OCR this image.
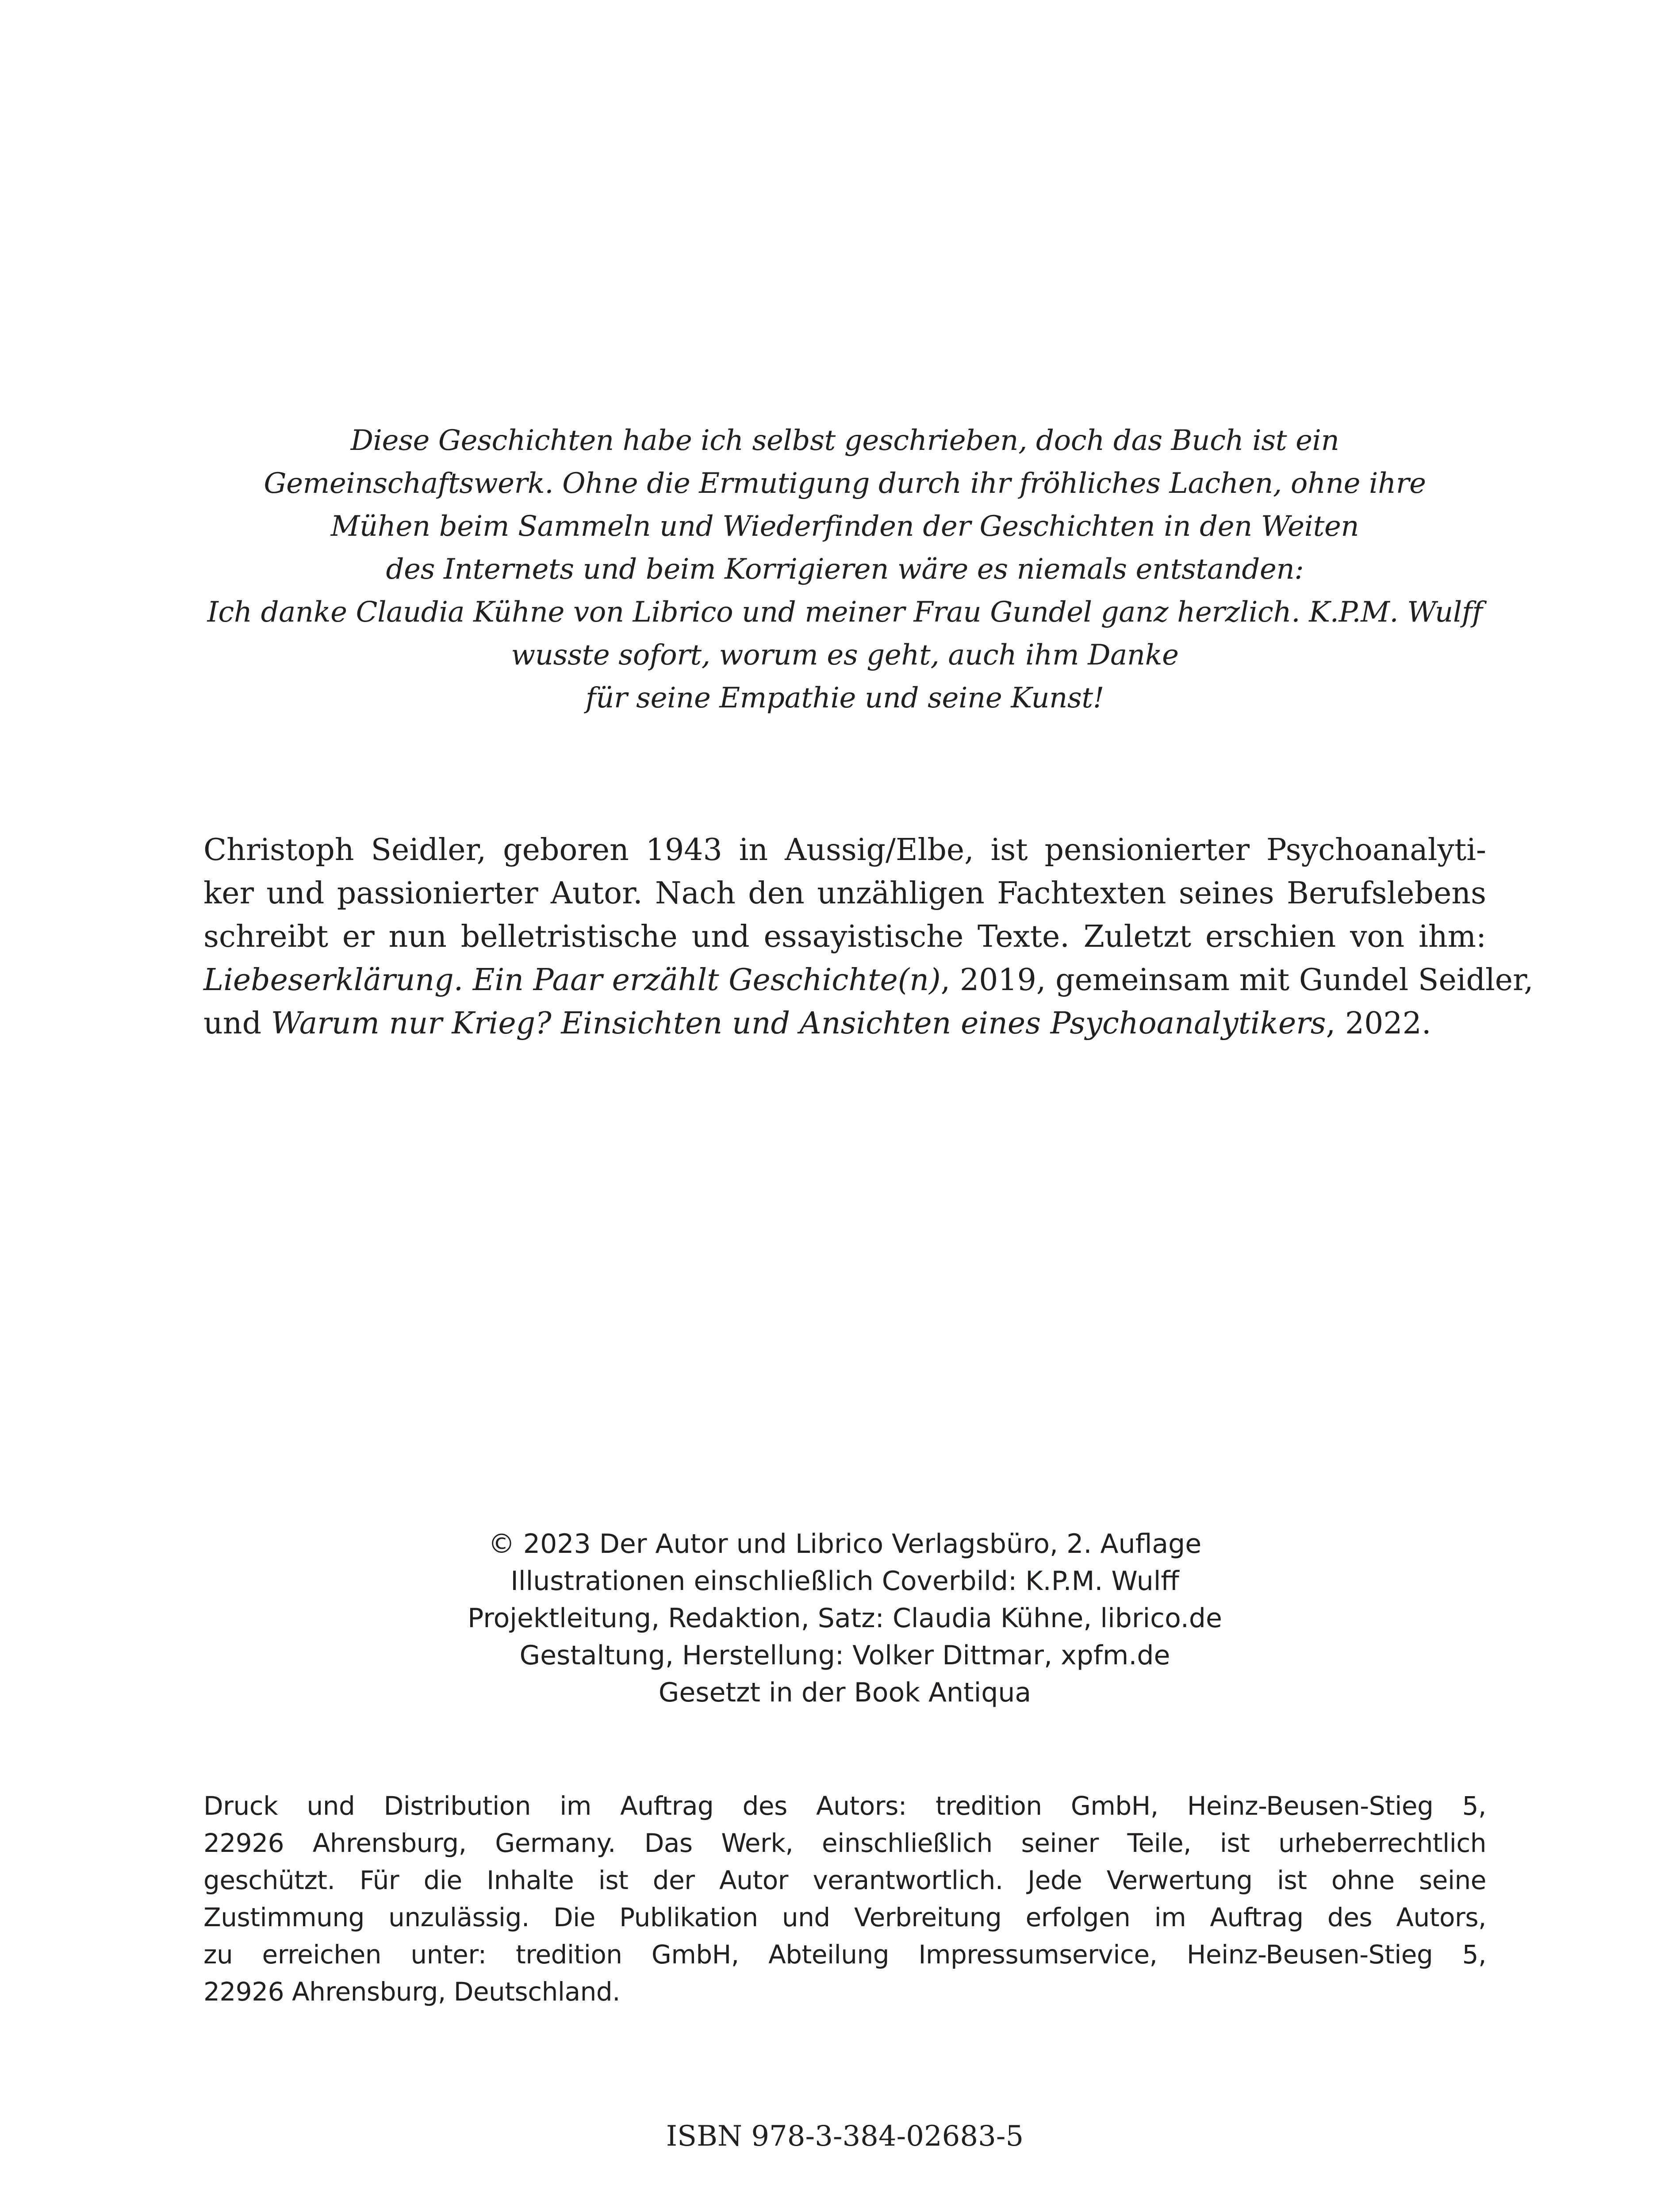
Diese Geschichten habe ich selbst geschrieben, doch das Buch ist ein
Gemeinschaftswerk. Ohne die Ermutigung durch ihr fröhliches Lachen, ohne ihre
Mühen beim Sammeln und Wiederfinden der Geschichten in den Weiten
des Internets und beim Korrigieren wäre es niemals entstanden:
Ich danke Claudia Kühne von Librico und meiner Frau Gundel ganz herzlich. K.P.M. Wulff
wusste sofort, worum es geht, auch ihm Danke
für seine Empathie und seine Kunst!
Christoph Seidler, geboren 1943 in Aussig/Elbe, ist pensionierter Psychoanalyti-
ker und passionierter Autor. Nach den unzähligen Fachtexten seines Berufslebens
schreibt er nun belletristische und essayistische Texte. Zuletzt erschien von ihm:
Liebeserklärung. Ein Paar erzählt Geschichte(n), 2019, gemeinsam mit Gundel Seidler,
und Warum nur Krieg? Einsichten und Ansichten eines Psychoanalytikers, 2022.
© 2023 Der Autor und Librico Verlagsbüro, 2. Auflage
Illustrationen einschließlich Coverbild: K.P.M. Wulff
Projektleitung, Redaktion, Satz: Claudia Kühne, librico.de
Gestaltung, Herstellung: Volker Dittmar, xpfm.de
Gesetzt in der Book Antiqua
Druck und Distribution im Auftrag des Autors: tredition GmbH, Heinz-Beusen-Stieg 5,
22926 Ahrensburg, Germany. Das Werk, einschließlich seiner Teile, ist urheberrechtlich
geschützt. Für die Inhalte ist der Autor verantwortlich. Jede Verwertung ist ohne seine
Zustimmung unzulässig. Die Publikation und Verbreitung erfolgen im Auftrag des Autors,
zu erreichen unter: tredition GmbH, Abteilung Impressumservice, Heinz-Beusen-Stieg 5,
22926 Ahrensburg, Deutschland.
ISBN 978-3-384-02683-5
